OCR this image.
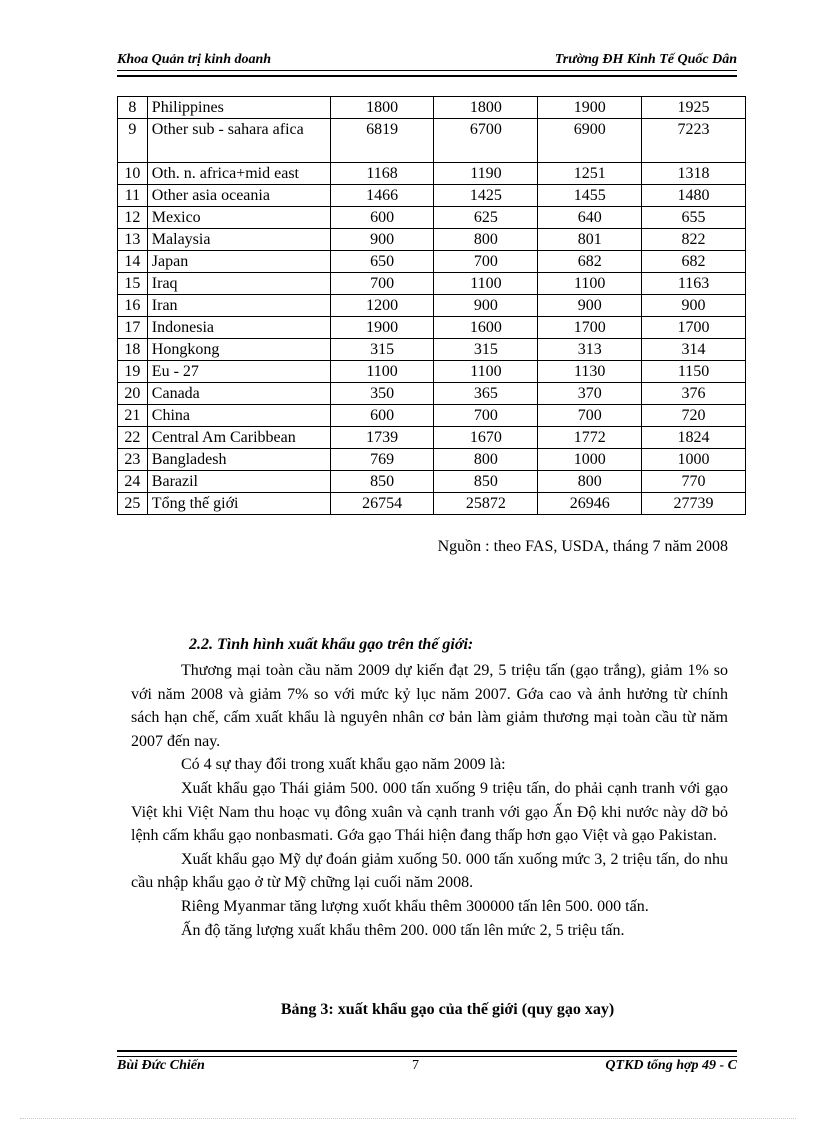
Khoa Quản trị kinh doanh	Trường ĐH Kinh Tế Quốc Dân
8	Philippines	1800	1800	1900	1925
9	Other sub - sahara afica	6819	6700	6900	7223
10	Oth. n. africa+mid east	1168	1190	1251	1318
11	Other asia oceania	1466	1425	1455	1480
12	Mexico	600	625	640	655
13	Malaysia	900	800	801	822
14	Japan	650	700	682	682
15	Iraq	700	1100	1100	1163
16	Iran	1200	900	900	900
17	Indonesia	1900	1600	1700	1700
18	Hongkong	315	315	313	314
19	Eu - 27	1100	1100	1130	1150
20	Canada	350	365	370	376
21	China	600	700	700	720
22	Central Am Caribbean	1739	1670	1772	1824
23	Bangladesh	769	800	1000	1000
24	Barazil	850	850	800	770
25	Tổng thế giới	26754	25872	26946	27739
Nguồn : theo FAS, USDA, tháng 7 năm 2008
2.2. Tình hình xuất khẩu gạo trên thế giới:

Thương mại toàn cầu năm 2009 dự kiến đạt 29, 5 triệu tấn (gạo trắng), giảm 1% so với năm 2008 và giảm 7% so với mức kỷ lục năm 2007. Gớa cao và ảnh hưởng từ chính sách hạn chế, cấm xuất khẩu là nguyên nhân cơ bản làm giảm thương mại toàn cầu từ năm 2007 đến nay.

Có 4 sự thay đổi trong xuất khẩu gạo năm 2009 là:

Xuất khẩu gạo Thái giảm 500. 000 tấn xuống 9 triệu tấn, do phải cạnh tranh với gạo Việt khi Việt Nam thu hoạc vụ đông xuân và cạnh tranh với gạo Ấn Độ khi nước này dỡ bỏ lệnh cấm khẩu gạo nonbasmati. Gớa gạo Thái hiện đang thấp hơn gạo Việt và gạo Pakistan.

Xuất khẩu gạo Mỹ dự đoán giảm xuống 50. 000 tấn xuống mức 3, 2 triệu tấn, do nhu cầu nhập khẩu gạo ở từ Mỹ chững lại cuối năm 2008.

Riêng Myanmar tăng lượng xuốt khẩu thêm 300000 tấn lên 500. 000 tấn.

Ấn độ tăng lượng xuất khẩu thêm 200. 000 tấn lên mức 2, 5 triệu tấn.

Bảng 3: xuất khẩu gạo của thế giới (quy gạo xay)
Bùi Đức Chiến	7	QTKD tổng hợp 49 - C
